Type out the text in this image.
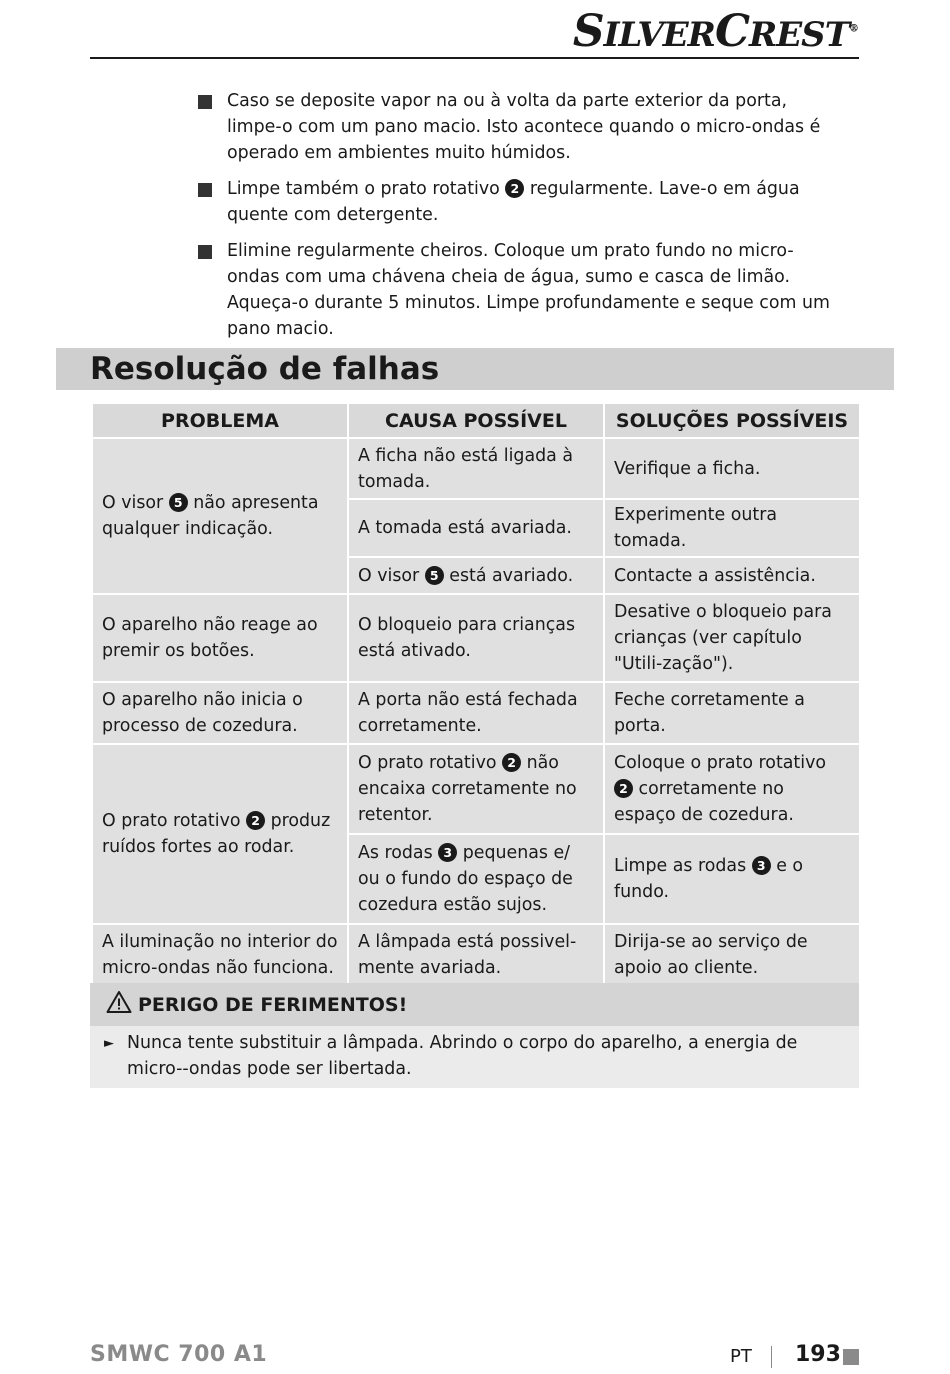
SILVERCREST®
Caso se deposite vapor na ou à volta da parte exterior da porta, limpe-o com um pano macio. Isto acontece quando o micro-ondas é operado em ambientes muito húmidos.
Limpe também o prato rotativo 2 regularmente. Lave-o em água quente com detergente.
Elimine regularmente cheiros. Coloque um prato fundo no micro-ondas com uma chávena cheia de água, sumo e casca de limão. Aqueça-o durante 5 minutos. Limpe profundamente e seque com um pano macio.
Resolução de falhas
PROBLEMA	CAUSA POSSÍVEL	SOLUÇÕES POSSÍVEIS
O visor 5 não apresenta qualquer indicação.	A ficha não está ligada à tomada.	Verifique a ficha.
	A tomada está avariada.	Experimente outra tomada.
	O visor 5 está avariado.	Contacte a assistência.
O aparelho não reage ao premir os botões.	O bloqueio para crianças está ativado.	Desative o bloqueio para crianças (ver capítulo "Utili-zação").
O aparelho não inicia o processo de cozedura.	A porta não está fechada corretamente.	Feche corretamente a porta.
O prato rotativo 2 produz ruídos fortes ao rodar.	O prato rotativo 2 não encaixa corretamente no retentor.	Coloque o prato rotativo 2 corretamente no espaço de cozedura.
	As rodas 3 pequenas e/ ou o fundo do espaço de cozedura estão sujos.	Limpe as rodas 3 e o fundo.
A iluminação no interior do micro-ondas não funciona.	A lâmpada está possivel-mente avariada.	Dirija-se ao serviço de apoio ao cliente.
PERIGO DE FERIMENTOS!
► Nunca tente substituir a lâmpada. Abrindo o corpo do aparelho, a energia de micro--ondas pode ser libertada.
SMWC 700 A1	PT 193
